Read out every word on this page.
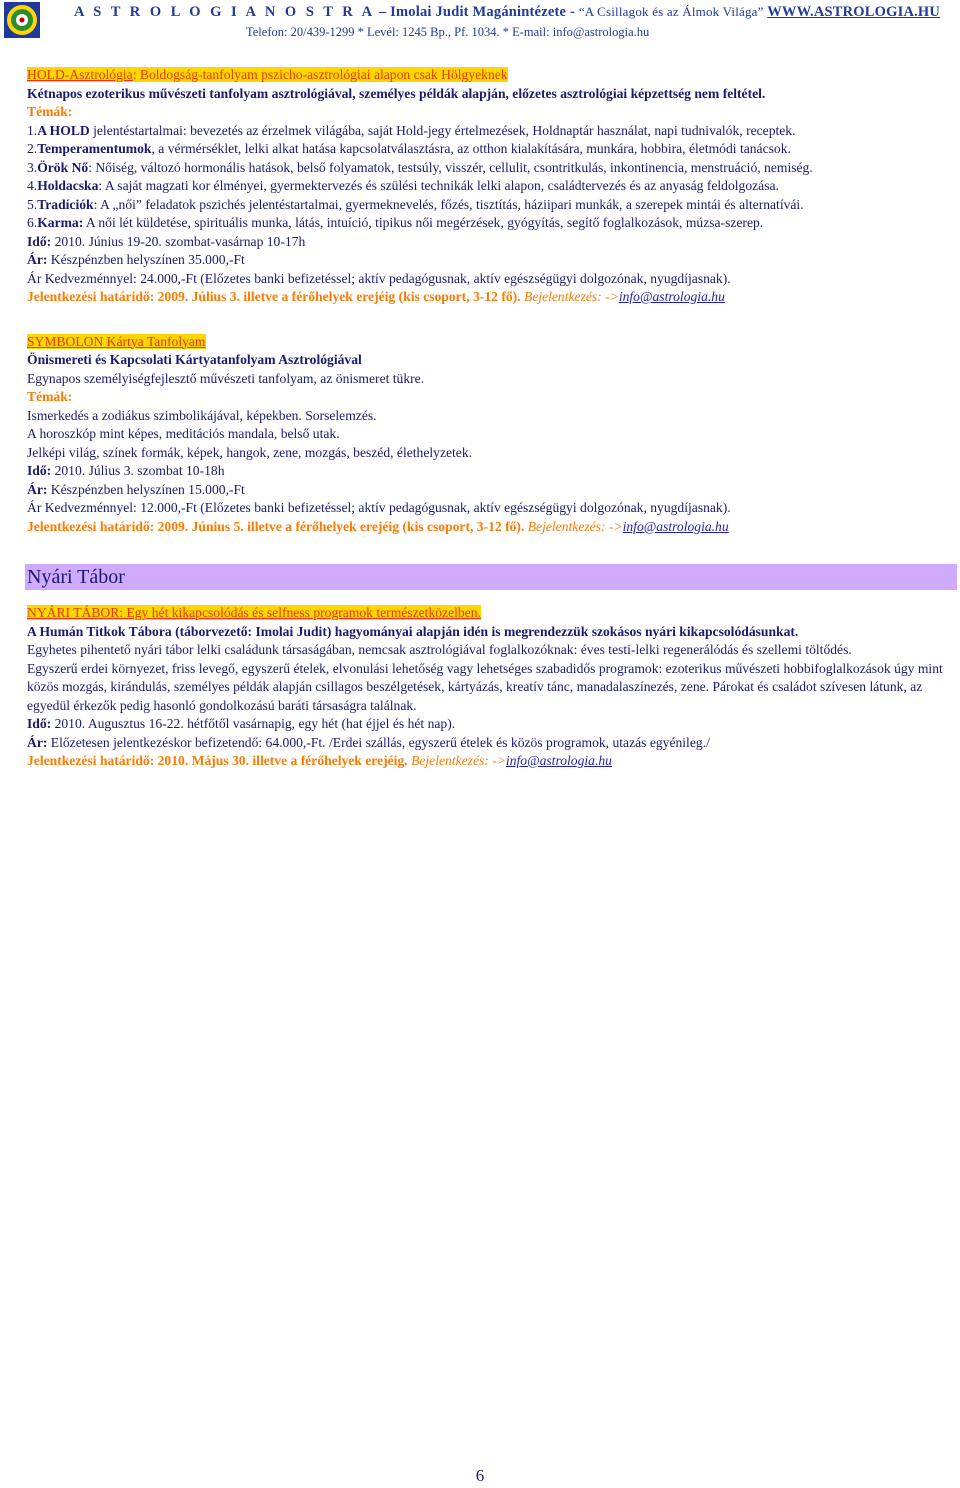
A S T R O L O G I A N O S T R A – Imolai Judit Magánintézete - “A Csillagok és az Álmok Világa” WWW.ASTROLOGIA.HU
Telefon: 20/439-1299 * Levél: 1245 Bp., Pf. 1034. * E-mail: info@astrologia.hu

HOLD-Asztrológia: Boldogság-tanfolyam pszicho-asztrológiai alapon csak Hölgyeknek

Kétnapos ezoterikus művészeti tanfolyam asztrológiával, személyes példák alapján, előzetes asztrológiai képzettség nem feltétel.

Témák:

1.A HOLD jelentéstartalmai: bevezetés az érzelmek világába, saját Hold-jegy értelmezések, Holdnaptár használat, napi tudnivalók, receptek.

2.Temperamentumok, a vérmérséklet, lelki alkat hatása kapcsolatválasztásra, az otthon kialakítására, munkára, hobbira, életmódi tanácsok.

3.Örök Nő: Nőiség, változó hormonális hatások, belső folyamatok, testsúly, visszér, cellulit, csontritkulás, inkontinencia, menstruáció, nemiség.

4.Holdacska: A saját magzati kor élményei, gyermektervezés és szülési technikák lelki alapon, családtervezés és az anyaság feldolgozása.

5.Tradíciók: A „női” feladatok pszichés jelentéstartalmai, gyermeknevelés, főzés, tisztítás, háziipari munkák, a szerepek mintái és alternatívái.

6.Karma: A női lét küldetése, spirituális munka, látás, intuíció, tipikus női megérzések, gyógyítás, segítő foglalkozások, múzsa-szerep.

Idő: 2010. Június 19-20. szombat-vasárnap 10-17h

Ár: Készpénzben helyszínen 35.000,-Ft

Ár Kedvezménnyel: 24.000,-Ft (Előzetes banki befizetéssel; aktív pedagógusnak, aktív egészségügyi dolgozónak, nyugdíjasnak).

Jelentkezési határidő: 2009. Július 3. illetve a férőhelyek erejéig (kis csoport, 3-12 fő). Bejelentkezés: ->info@astrologia.hu

SYMBOLON Kártya Tanfolyam

Önismereti és Kapcsolati Kártyatanfolyam Asztrológiával

Egynapos személyiségfejlesztő művészeti tanfolyam, az önismeret tükre.

Témák:

Ismerkedés a zodiákus szimbolikájával, képekben. Sorselemzés.

A horoszkóp mint képes, meditációs mandala, belső utak.

Jelképi világ, színek formák, képek, hangok, zene, mozgás, beszéd, élethelyzetek.

Idő: 2010. Július 3. szombat 10-18h

Ár: Készpénzben helyszínen 15.000,-Ft

Ár Kedvezménnyel: 12.000,-Ft (Előzetes banki befizetéssel; aktív pedagógusnak, aktív egészségügyi dolgozónak, nyugdíjasnak).

Jelentkezési határidő: 2009. Június 5. illetve a férőhelyek erejéig (kis csoport, 3-12 fő). Bejelentkezés: ->info@astrologia.hu

Nyári Tábor

NYÁRI TÁBOR: Egy hét kikapcsolódás és selfness programok természetközelben.

A Humán Titkok Tábora (táborvezető: Imolai Judit) hagyományai alapján idén is megrendezzük szokásos nyári kikapcsolódásunkat.

Egyhetes pihentető nyári tábor lelki családunk társaságában, nemcsak asztrológiával foglalkozóknak: éves testi-lelki regenerálódás és szellemi töltődés.

Egyszerű erdei környezet, friss levegő, egyszerű ételek, elvonulási lehetőség vagy lehetséges szabadidős programok: ezoterikus művészeti hobbifoglalkozások úgy mint közös mozgás, kirándulás, személyes példák alapján csillagos beszélgetések, kártyázás, kreatív tánc, manadalaszínezés, zene. Párokat és családot szívesen látunk, az egyedül érkezők pedig hasonló gondolkozású baráti társaságra találnak.

Idő: 2010. Augusztus 16-22. hétfőtől vasárnapig, egy hét (hat éjjel és hét nap).

Ár: Előzetesen jelentkezéskor befizetendő: 64.000,-Ft. /Erdei szállás, egyszerű ételek és közös programok, utazás egyénileg./

Jelentkezési határidő: 2010. Május 30. illetve a férőhelyek erejéig. Bejelentkezés: ->info@astrologia.hu

6
